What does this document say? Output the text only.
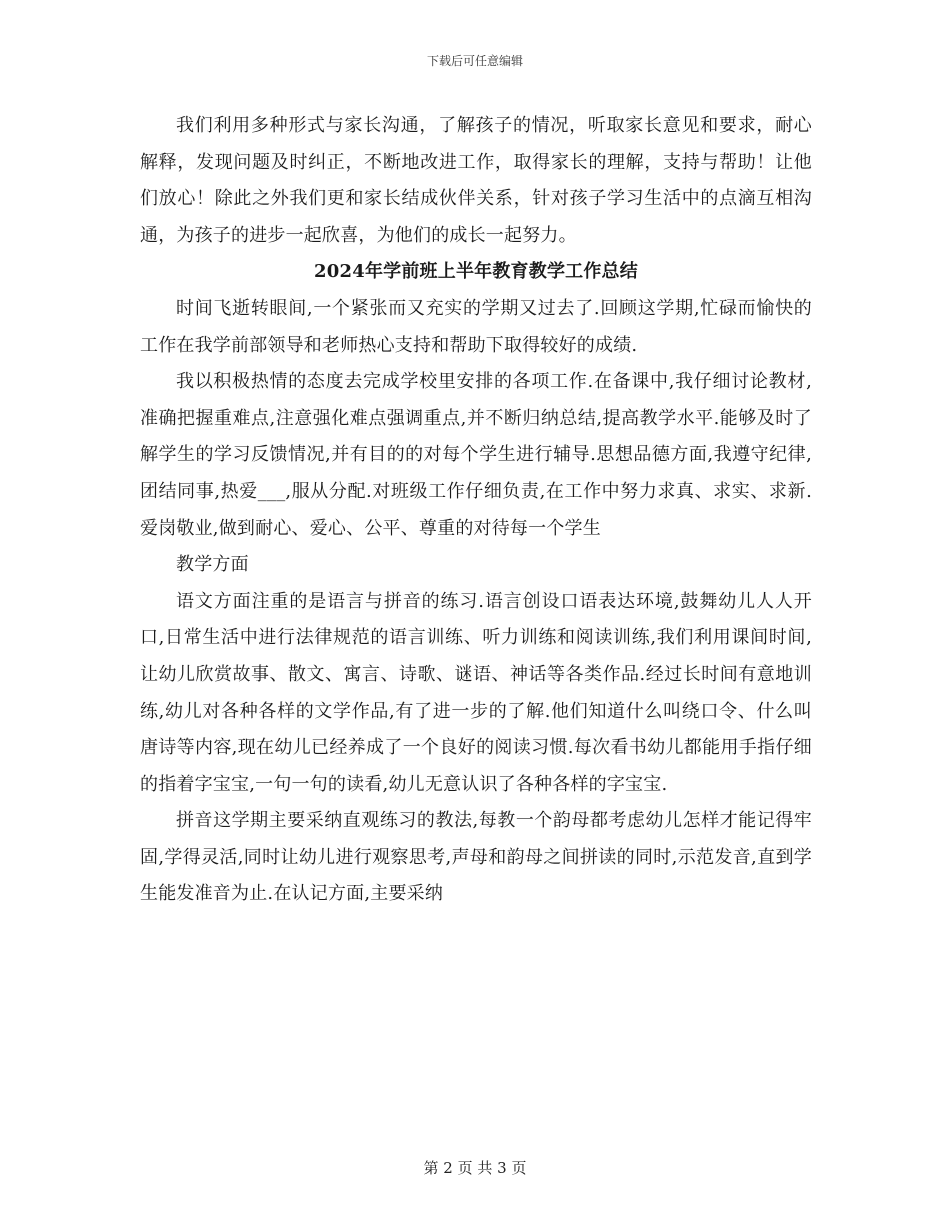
下载后可任意编辑

我们利用多种形式与家长沟通，了解孩子的情况，听取家长意见和要求，耐心解释，发现问题及时纠正，不断地改进工作，取得家长的理解，支持与帮助！让他们放心！除此之外我们更和家长结成伙伴关系，针对孩子学习生活中的点滴互相沟通，为孩子的进步一起欣喜，为他们的成长一起努力。

2024年学前班上半年教育教学工作总结

时间飞逝转眼间,一个紧张而又充实的学期又过去了.回顾这学期,忙碌而愉快的工作在我学前部领导和老师热心支持和帮助下取得较好的成绩.

我以积极热情的态度去完成学校里安排的各项工作.在备课中,我仔细讨论教材,准确把握重难点,注意强化难点强调重点,并不断归纳总结,提高教学水平.能够及时了解学生的学习反馈情况,并有目的的对每个学生进行辅导.思想品德方面,我遵守纪律,团结同事,热爱___,服从分配.对班级工作仔细负责,在工作中努力求真、求实、求新.爱岗敬业,做到耐心、爱心、公平、尊重的对待每一个学生

教学方面

语文方面注重的是语言与拼音的练习.语言创设口语表达环境,鼓舞幼儿人人开口,日常生活中进行法律规范的语言训练、听力训练和阅读训练,我们利用课间时间,让幼儿欣赏故事、散文、寓言、诗歌、谜语、神话等各类作品.经过长时间有意地训练,幼儿对各种各样的文学作品,有了进一步的了解.他们知道什么叫绕口令、什么叫唐诗等内容,现在幼儿已经养成了一个良好的阅读习惯.每次看书幼儿都能用手指仔细的指着字宝宝,一句一句的读看,幼儿无意认识了各种各样的字宝宝.

拼音这学期主要采纳直观练习的教法,每教一个韵母都考虑幼儿怎样才能记得牢固,学得灵活,同时让幼儿进行观察思考,声母和韵母之间拼读的同时,示范发音,直到学生能发准音为止.在认记方面,主要采纳

第 2 页 共 3 页
